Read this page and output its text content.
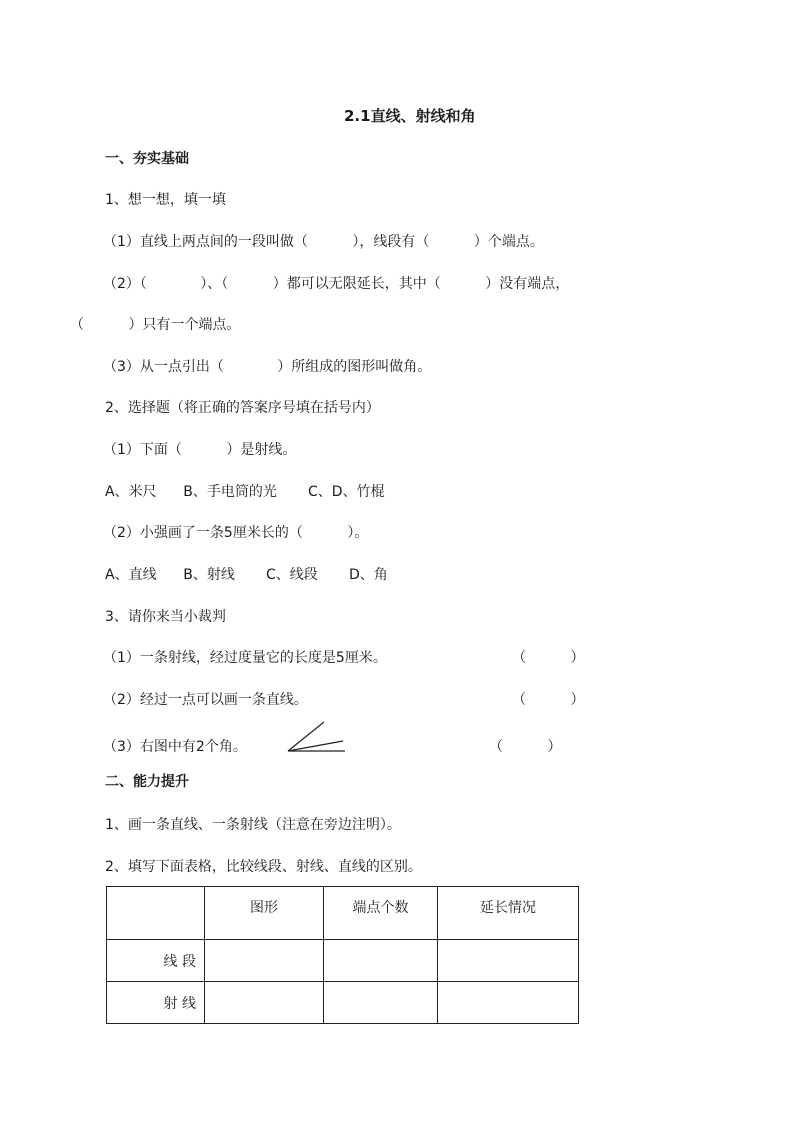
2.1直线、射线和角
一、夯实基础
1、想一想，填一填
（1）直线上两点间的一段叫做（          ），线段有（          ）个端点。
（2）（            ）、（          ）都可以无限延长，其中（          ）没有端点，
（          ）只有一个端点。
（3）从一点引出（            ）所组成的图形叫做角。
2、选择题（将正确的答案序号填在括号内）
（1）下面（          ）是射线。
A、米尺      B、手电筒的光       C、D、竹棍
（2）小强画了一条5厘米长的（          ）。
A、直线      B、射线       C、线段       D、角
3、请你来当小裁判
（1）一条射线，经过度量它的长度是5厘米。	（          ）
（2）经过一点可以画一条直线。	（          ）
（3）右图中有2个角。	（          ）
二、能力提升
1、画一条直线、一条射线（注意在旁边注明）。
2、填写下面表格，比较线段、射线、直线的区别。
	图形	端点个数	延长情况
线 段			
射 线			
